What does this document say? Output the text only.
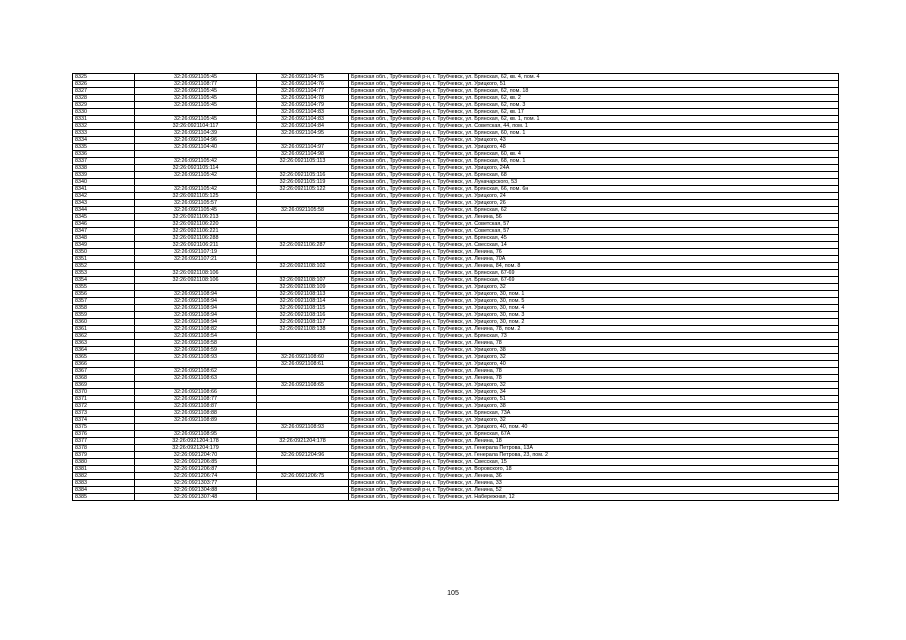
8325	32:26:0921105:45	32:26:0921104:75	Брянская обл., Трубчевский р-н, г. Трубчевск, ул. Брянская, 62, кв. 4, пом. 4
8326	32:26:0921108:77	32:26:0921104:76	Брянская обл., Трубчевский р-н, г. Трубчевск, ул. Урицкого, 51
8327	32:26:0921105:45	32:26:0921104:77	Брянская обл., Трубчевский р-н, г. Трубчевск, ул. Брянская, 62, пом. 18
8328	32:26:0921105:45	32:26:0921104:78	Брянская обл., Трубчевский р-н, г. Трубчевск, ул. Брянская, 62, кв. 2
8329	32:26:0921105:45	32:26:0921104:79	Брянская обл., Трубчевский р-н, г. Трубчевск, ул. Брянская, 62, пом. 3
8330		32:26:0921104:83	Брянская обл., Трубчевский р-н, г. Трубчевск, ул. Брянская, 62, кв. 17
8331	32:26:0921105:45	32:26:0921104:83	Брянская обл., Трубчевский р-н, г. Трубчевск, ул. Брянская, 62, кв. 1, пом. 1
8332	32:26:0921104:117	32:26:0921104:84	Брянская обл., Трубчевский р-н, г. Трубчевск, ул. Советская, 44, пом. 1
8333	32:26:0921104:39	32:26:0921104:95	Брянская обл., Трубчевский р-н, г. Трубчевск, ул. Брянская, 60, пом. 1
8334	32:26:0921104:96		Брянская обл., Трубчевский р-н, г. Трубчевск, ул. Урицкого, 43
8335	32:26:0921104:40	32:26:0921104:97	Брянская обл., Трубчевский р-н, г. Трубчевск, ул. Урицкого, 48
8336		32:26:0921104:98	Брянская обл., Трубчевский р-н, г. Трубчевск, ул. Брянская, 60, кв. 4
8337	32:26:0921105:42	32:26:0921105:113	Брянская обл., Трубчевский р-н, г. Трубчевск, ул. Брянская, 68, пом. 1
8338	32:26:0921105:114		Брянская обл., Трубчевский р-н, г. Трубчевск, ул. Урицкого, 24А
8339	32:26:0921105:42	32:26:0921105:116	Брянская обл., Трубчевский р-н, г. Трубчевск, ул. Брянская, 68
8340		32:26:0921105:119	Брянская обл., Трубчевский р-н, г. Трубчевск, ул. Луначарского, 53
8341	32:26:0921105:42	32:26:0921105:122	Брянская обл., Трубчевский р-н, г. Трубчевск, ул. Брянская, 66, пом. 6н
8342	32:26:0921105:125		Брянская обл., Трубчевский р-н, г. Трубчевск, ул. Урицкого, 24
8343	32:26:0921105:57		Брянская обл., Трубчевский р-н, г. Трубчевск, ул. Урицкого, 26
8344	32:26:0921105:45	32:26:0921105:58	Брянская обл., Трубчевский р-н, г. Трубчевск, ул. Брянская, 62
8345	32:26:0921106:213		Брянская обл., Трубчевский р-н, г. Трубчевск, ул. Ленина, 56
8346	32:26:0921106:220		Брянская обл., Трубчевский р-н, г. Трубчевск, ул. Советская, 57
8347	32:26:0921106:221		Брянская обл., Трубчевский р-н, г. Трубчевск, ул. Советская, 57
8348	32:26:0921106:288		Брянская обл., Трубчевский р-н, г. Трубчевск, ул. Брянская, 45
8349	32:26:0921106:211	32:26:0921106:287	Брянская обл., Трубчевский р-н, г. Трубчевск, ул. Свесская, 14
8350	32:26:0921107:19		Брянская обл., Трубчевский р-н, г. Трубчевск, ул. Ленина, 76
8351	32:26:0921107:21		Брянская обл., Трубчевский р-н, г. Трубчевск, ул. Ленина, 70А
8352		32:26:0921108:102	Брянская обл., Трубчевский р-н, г. Трубчевск, ул. Ленина, 84, пом. 8
8353	32:26:0921108:106		Брянская обл., Трубчевский р-н, г. Трубчевск, ул. Брянская, 67-69
8354	32:26:0921108:106	32:26:0921108:107	Брянская обл., Трубчевский р-н, г. Трубчевск, ул. Брянская, 67-69
8355		32:26:0921108:109	Брянская обл., Трубчевский р-н, г. Трубчевск, ул. Урицкого, 32
8356	32:26:0921108:94	32:26:0921108:113	Брянская обл., Трубчевский р-н, г. Трубчевск, ул. Урицкого, 30, пом. 1
8357	32:26:0921108:94	32:26:0921108:114	Брянская обл., Трубчевский р-н, г. Трубчевск, ул. Урицкого, 30, пом. 5
8358	32:26:0921108:94	32:26:0921108:115	Брянская обл., Трубчевский р-н, г. Трубчевск, ул. Урицкого, 30, пом. 4
8359	32:26:0921108:94	32:26:0921108:116	Брянская обл., Трубчевский р-н, г. Трубчевск, ул. Урицкого, 30, пом. 3
8360	32:26:0921108:94	32:26:0921108:117	Брянская обл., Трубчевский р-н, г. Трубчевск, ул. Урицкого, 30, пом. 2
8361	32:26:0921108:82	32:26:0921108:138	Брянская обл., Трубчевский р-н, г. Трубчевск, ул. Ленина, 78, пом. 2
8362	32:26:0921108:54		Брянская обл., Трубчевский р-н, г. Трубчевск, ул. Брянская, 73
8363	32:26:0921108:58		Брянская обл., Трубчевский р-н, г. Трубчевск, ул. Ленина, 78
8364	32:26:0921108:59		Брянская обл., Трубчевский р-н, г. Трубчевск, ул. Урицкого, 38
8365	32:26:0921108:93	32:26:0921108:60	Брянская обл., Трубчевский р-н, г. Трубчевск, ул. Урицкого, 32
8366		32:26:0921108:61	Брянская обл., Трубчевский р-н, г. Трубчевск, ул. Урицкого, 40
8367	32:26:0921108:62		Брянская обл., Трубчевский р-н, г. Трубчевск, ул. Ленина, 78
8368	32:26:0921108:63		Брянская обл., Трубчевский р-н, г. Трубчевск, ул. Ленина, 78
8369		32:26:0921108:65	Брянская обл., Трубчевский р-н, г. Трубчевск, ул. Урицкого, 32
8370	32:26:0921108:66		Брянская обл., Трубчевский р-н, г. Трубчевск, ул. Урицкого, 34
8371	32:26:0921108:77		Брянская обл., Трубчевский р-н, г. Трубчевск, ул. Урицкого, 51
8372	32:26:0921108:87		Брянская обл., Трубчевский р-н, г. Трубчевск, ул. Урицкого, 38
8373	32:26:0921108:88		Брянская обл., Трубчевский р-н, г. Трубчевск, ул. Брянская, 73А
8374	32:26:0921108:89		Брянская обл., Трубчевский р-н, г. Трубчевск, ул. Урицкого, 32
8375		32:26:0921108:93	Брянская обл., Трубчевский р-н, г. Трубчевск, ул. Урицкого, 40, пом. 40
8376	32:26:0921108:95		Брянская обл., Трубчевский р-н, г. Трубчевск, ул. Брянская, 67А
8377	32:26:0921204:178	32:26:0921204:178	Брянская обл., Трубчевский р-н, г. Трубчевск, ул. Ленина, 18
8378	32:26:0921204:179		Брянская обл., Трубчевский р-н, г. Трубчевск, ул. Генерала Петрова, 13А
8379	32:26:0921204:70	32:26:0921204:96	Брянская обл., Трубчевский р-н, г. Трубчевск, ул. Генерала Петрова, 23, пом. 2
8380	32:26:0921206:85		Брянская обл., Трубчевский р-н, г. Трубчевск, ул. Свесская, 15
8381	32:26:0921206:87		Брянская обл., Трубчевский р-н, г. Трубчевск, ул. Воровского, 18
8382	32:26:0921206:74	32:26:0921206:75	Брянская обл., Трубчевский р-н, г. Трубчевск, ул. Ленина, 36
8383	32:26:0921303:77		Брянская обл., Трубчевский р-н, г. Трубчевск, ул. Ленина, 33
8384	32:26:0921304:88		Брянская обл., Трубчевский р-н, г. Трубчевск, ул. Ленина, 52
8385	32:26:0921307:48		Брянская обл., Трубчевский р-н, г. Трубчевск, ул. Набережная, 12
105
